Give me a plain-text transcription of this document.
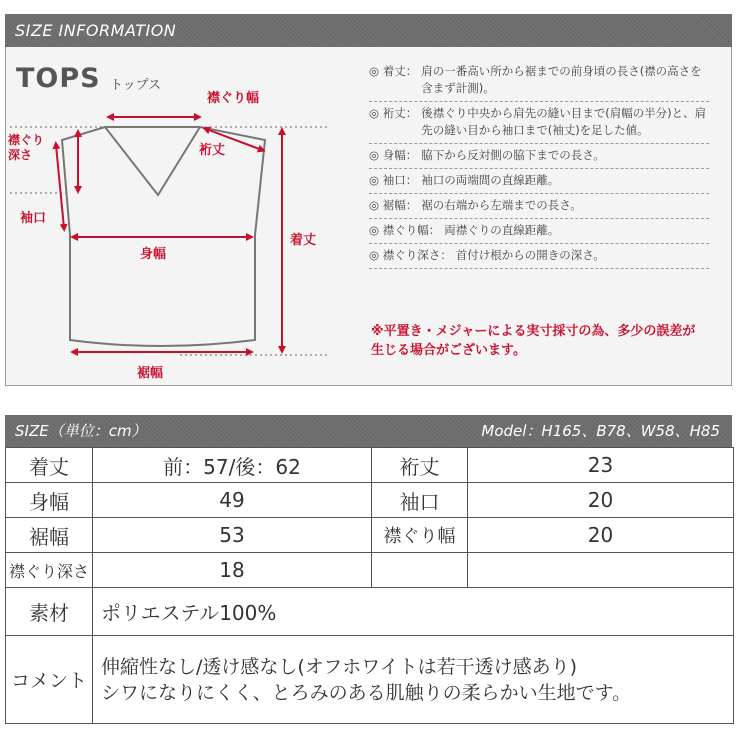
SIZE INFORMATION
TOPS トップス
襟ぐり幅
襟ぐり
深さ	裄丈
袖口
身幅
着丈
裾幅
◎ 着丈： 肩の一番高い所から裾までの前身頃の長さ(襟の高さを含まず計測)。
◎ 裄丈： 後襟ぐり中央から肩先の縫い目まで(肩幅の半分)と、肩先の縫い目から袖口まで(袖丈)を足した値。
◎ 身幅： 脇下から反対側の脇下までの長さ。
◎ 袖口： 袖口の両端間の直線距離。
◎ 裾幅： 裾の右端から左端までの長さ。
◎ 襟ぐり幅： 両襟ぐりの直線距離。
◎ 襟ぐり深さ： 首付け根からの開きの深さ。
※平置き・メジャーによる実寸採寸の為、多少の誤差が生じる場合がございます。
SIZE（単位：cm）	Model：H165、B78、W58、H85
着丈	前：57/後：62	裄丈	23
身幅	49	袖口	20
裾幅	53	襟ぐり幅	20
襟ぐり深さ	18		
素材	ポリエステル100%		
コメント	伸縮性なし/透け感なし(オフホワイトは若干透け感あり)
シワになりにくく、とろみのある肌触りの柔らかい生地です。		
